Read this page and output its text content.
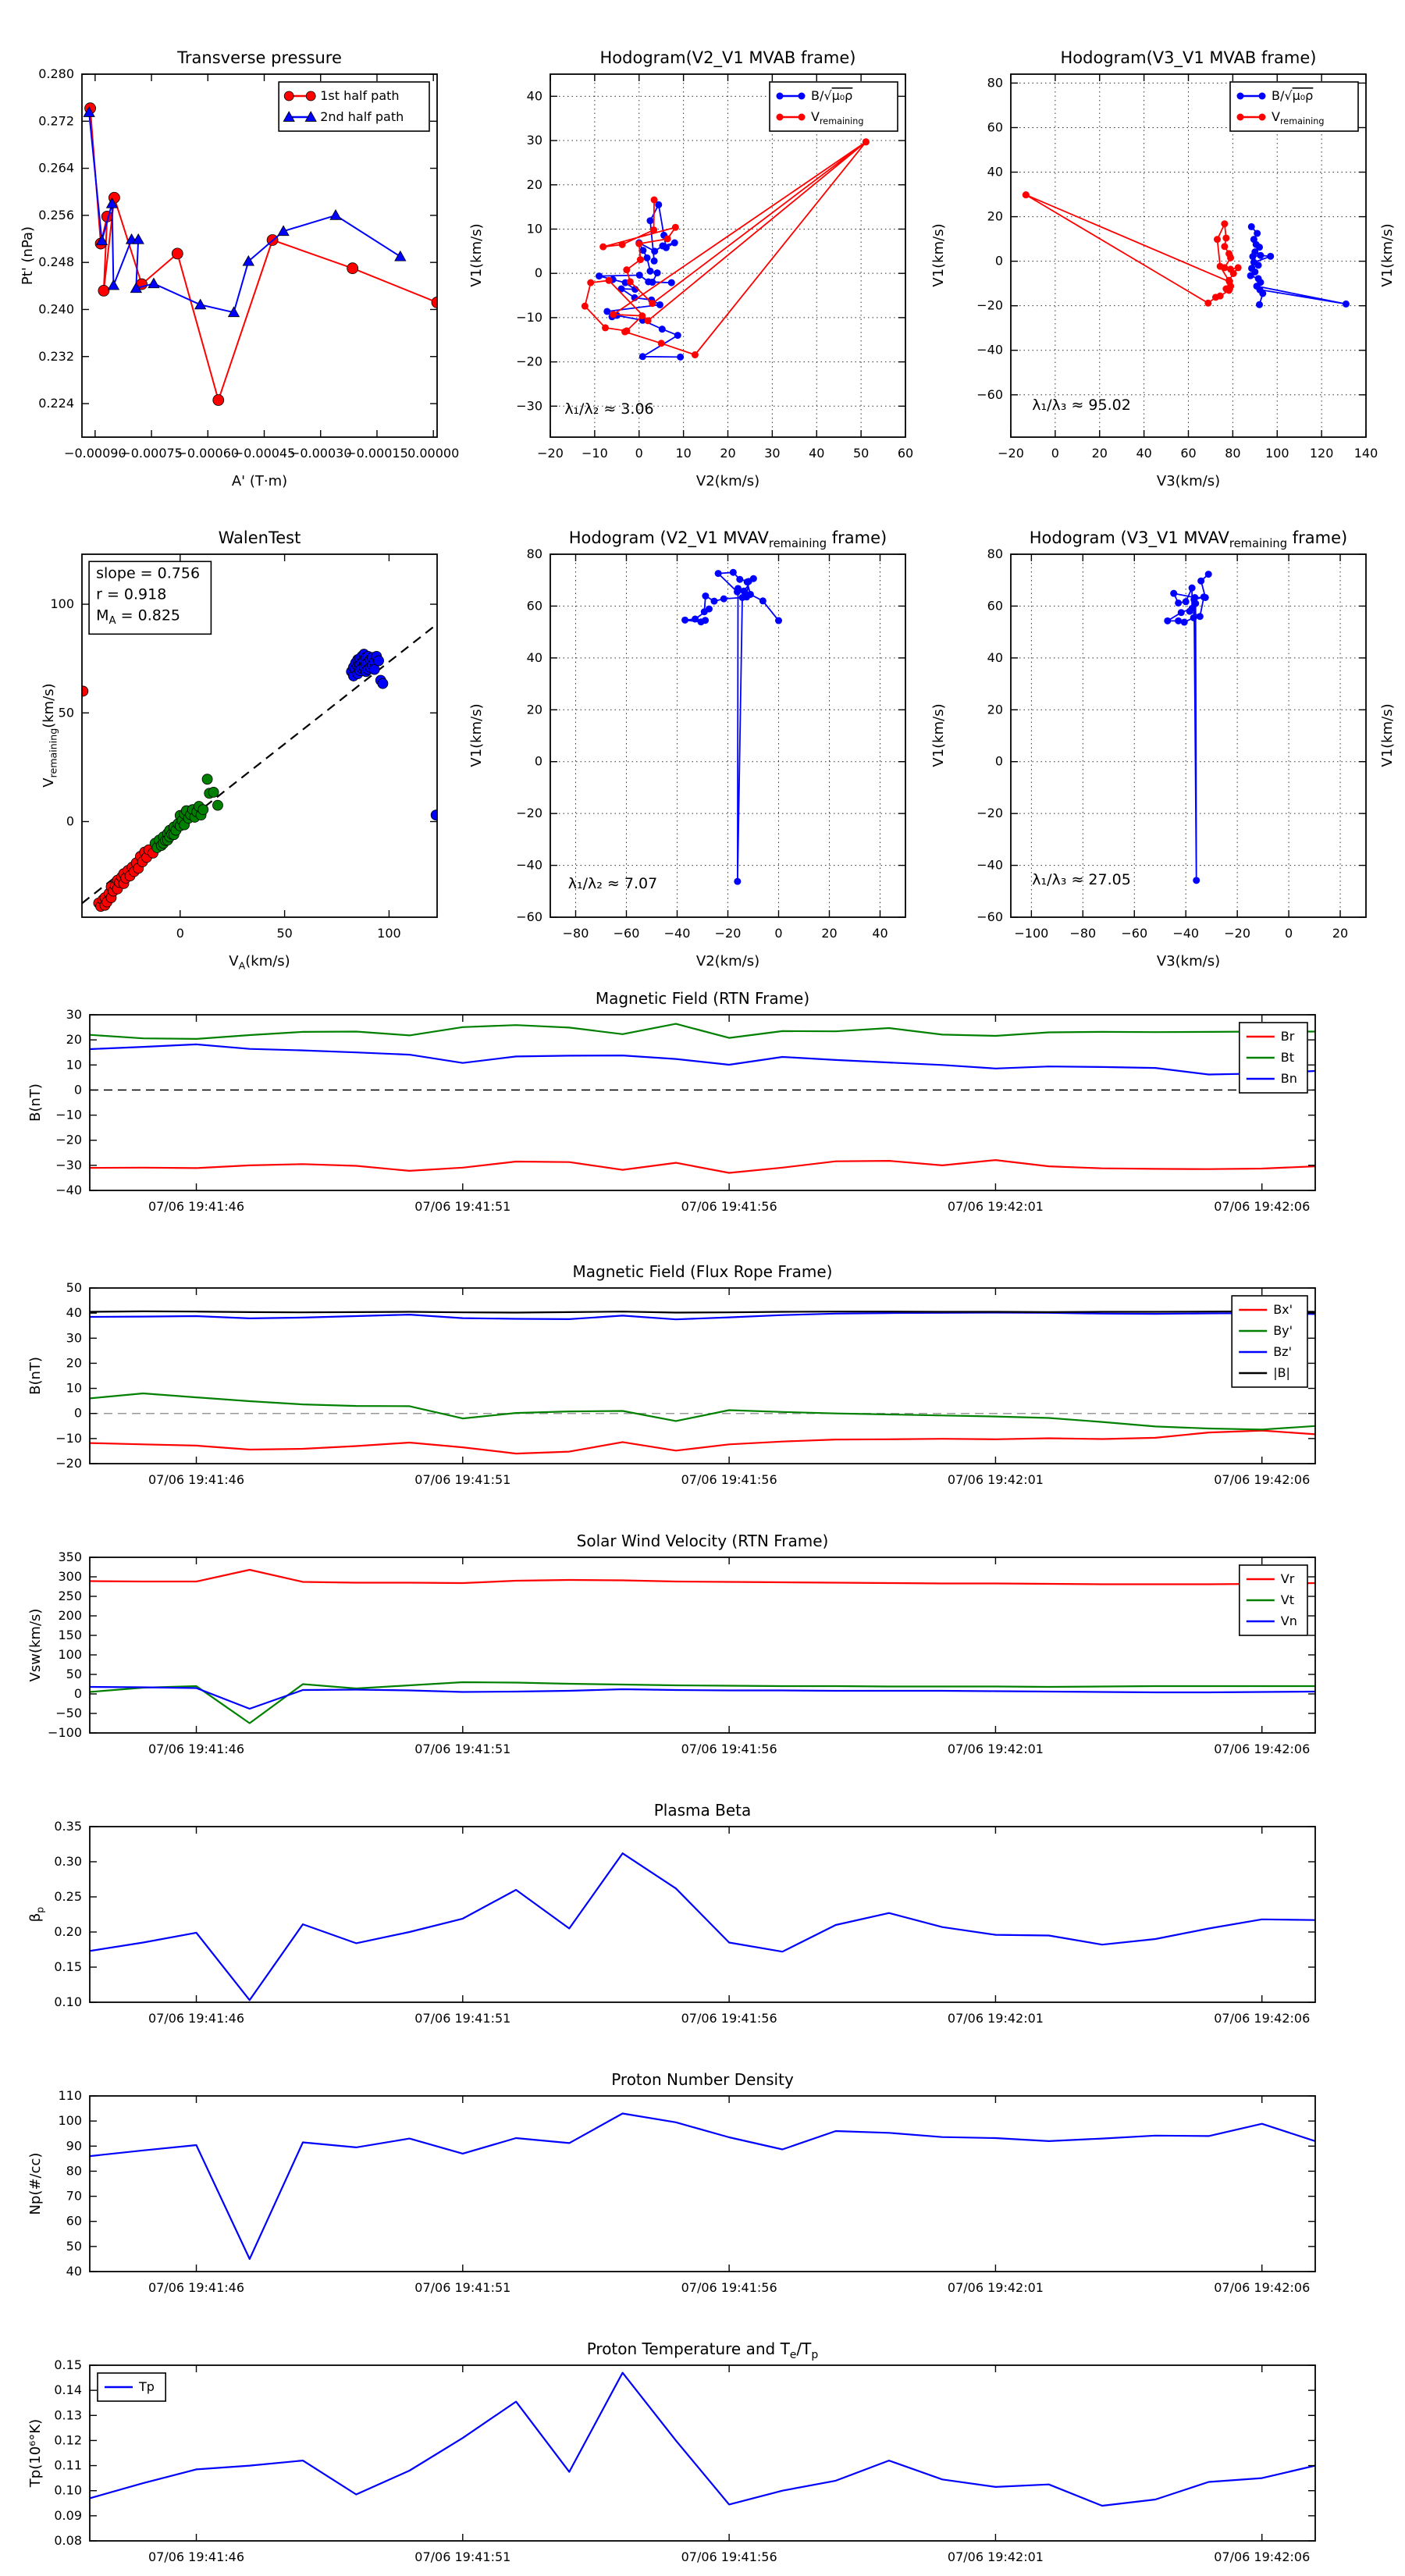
−0.00090
−0.00075
−0.00060
−0.00045
−0.00030
−0.00015 0.00000
0.224
0.232
0.240
0.248
0.256
0.264
0.272
0.280
Transverse pressure
A' (T·m)
Pt' (nPa)
1st half path
2nd half path
−20 −10 0	10 20 30 40 50 60
−30
−20
−10
0
10
20
30
40
Hodogram(V2_V1 MVAB frame)
V2(km/s)
λ₁/λ₂ ≈ 3.06
B/√μ₀ρ
$V_{remaining}$
−20 0	20 40 60 80 100 120 140
−60
−40
−20
0
20
40
60
80
Hodogram(V3_V1 MVAB frame)
V3(km/s)
λ₁/λ₃ ≈ 95.02
B/√μ₀ρ
$V_{remaining}$
0	50	100
0
50
100
WalenTest
$V_A(km/s)$
slope = 0.756
r = 0.918
$M_A = 0.825$
−80 −60 −40 −20	0	20	40
−60
−40
−20
0
20
40
60
80
Hodogram (V2_V1 $MVAV_{remaining}$ frame)
V2(km/s)
λ₁/λ₂ ≈ 7.07
−100 −80 −60 −40 −20	0	20
−60
−40
−20
0
20
40
60
80
Hodogram (V3_V1 $MVAV_{remaining}$ frame)
V3(km/s)
λ₁/λ₃ ≈ 27.05
07/06 19:41:46	07/06 19:41:51	07/06 19:41:56	07/06 19:42:01	07/06 19:42:06
30
20
10
0
−10
−20
−30
−40
Magnetic Field (RTN Frame)
B(nT)
Br
Bt
Bn
07/06 19:41:46	07/06 19:41:51	07/06 19:41:56	07/06 19:42:01	07/06 19:42:06
50
40
30
20
10
0
−10
−20
Magnetic Field (Flux Rope Frame)
B(nT)
Bx'
By'
Bz'
|B|
07/06 19:41:46	07/06 19:41:51	07/06 19:41:56	07/06 19:42:01	07/06 19:42:06
350
300
250
200
150
100
50
0
−50
−100
Solar Wind Velocity (RTN Frame)
Vsw(km/s)
Vr
Vt
Vn
07/06 19:41:46	07/06 19:41:51	07/06 19:41:56	07/06 19:42:01	07/06 19:42:06
0.35
0.30
0.25
0.20
0.15
0.10
Plasma Beta
$\beta_p$
07/06 19:41:46	07/06 19:41:51	07/06 19:41:56	07/06 19:42:01	07/06 19:42:06
110
100
90
80
70
60
50
40
Proton Number Density
Np(#/cc)
07/06 19:41:46	07/06 19:41:51	07/06 19:41:56	07/06 19:42:01	07/06 19:42:06
0.15
0.14
0.13
0.12
0.11
0.10
0.09
0.08
Proton Temperature and $T_e/T_p$
Tp(10⁶°K)
Tp
V1(km/s)	V1(km/s)	V1(km/s)
$V_{remaining}(km/s)$	V1(km/s)	V1(km/s)	V1(km/s)
